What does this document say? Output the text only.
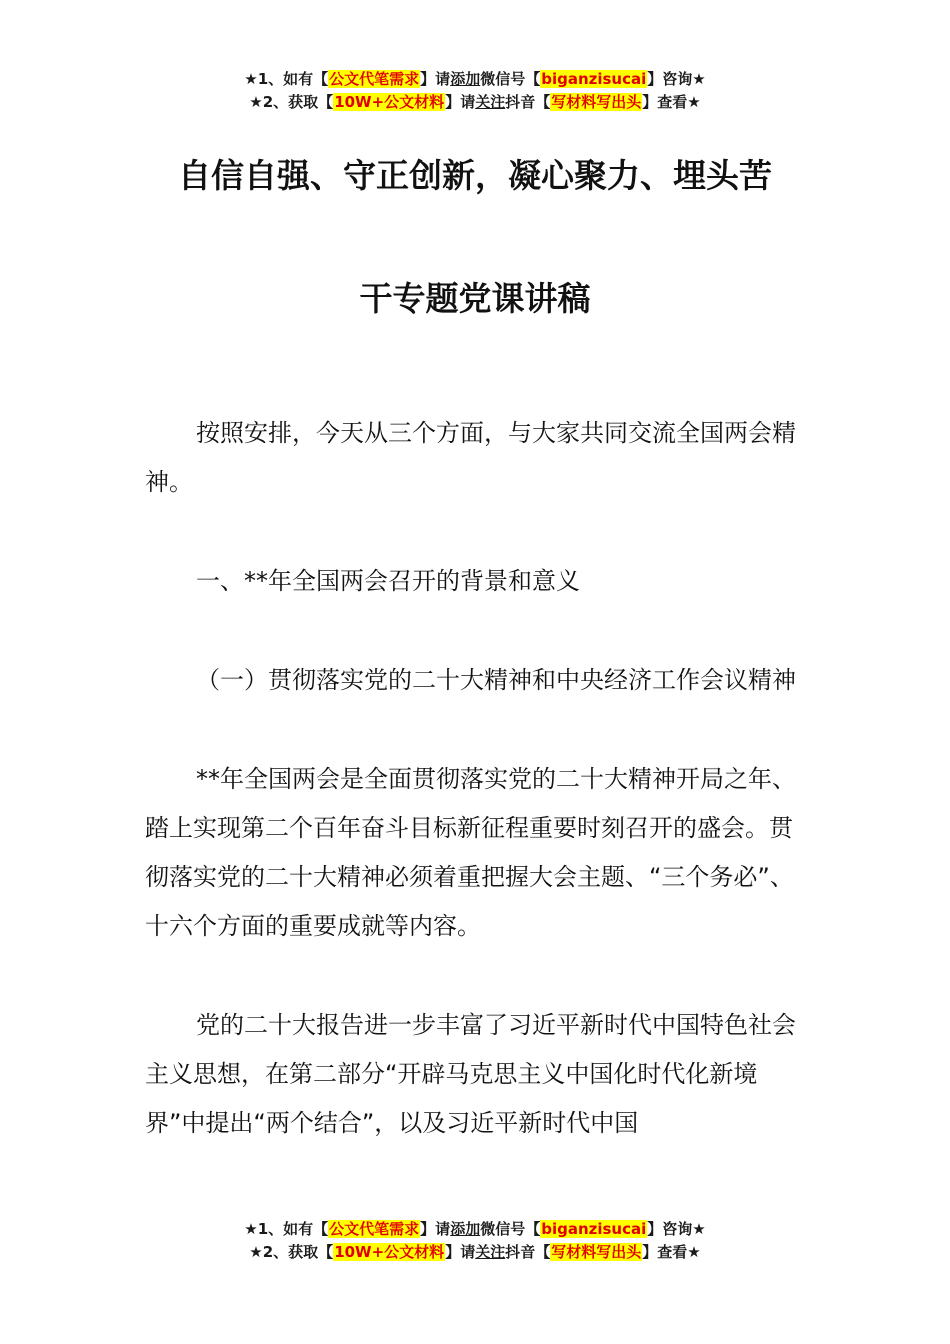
★1、如有【公文代笔需求】请添加微信号【biganzisucai】咨询★
★2、获取【10W+公文材料】请关注抖音【写材料写出头】查看★
自信自强、守正创新，凝心聚力、埋头苦
干专题党课讲稿

按照安排，今天从三个方面，与大家共同交流全国两会精神。

一、**年全国两会召开的背景和意义

（一）贯彻落实党的二十大精神和中央经济工作会议精神

**年全国两会是全面贯彻落实党的二十大精神开局之年、踏上实现第二个百年奋斗目标新征程重要时刻召开的盛会。贯彻落实党的二十大精神必须着重把握大会主题、“三个务必”、十六个方面的重要成就等内容。

党的二十大报告进一步丰富了习近平新时代中国特色社会主义思想，在第二部分“开辟马克思主义中国化时代化新境界”中提出“两个结合”，以及习近平新时代中国

★1、如有【公文代笔需求】请添加微信号【biganzisucai】咨询★
★2、获取【10W+公文材料】请关注抖音【写材料写出头】查看★
